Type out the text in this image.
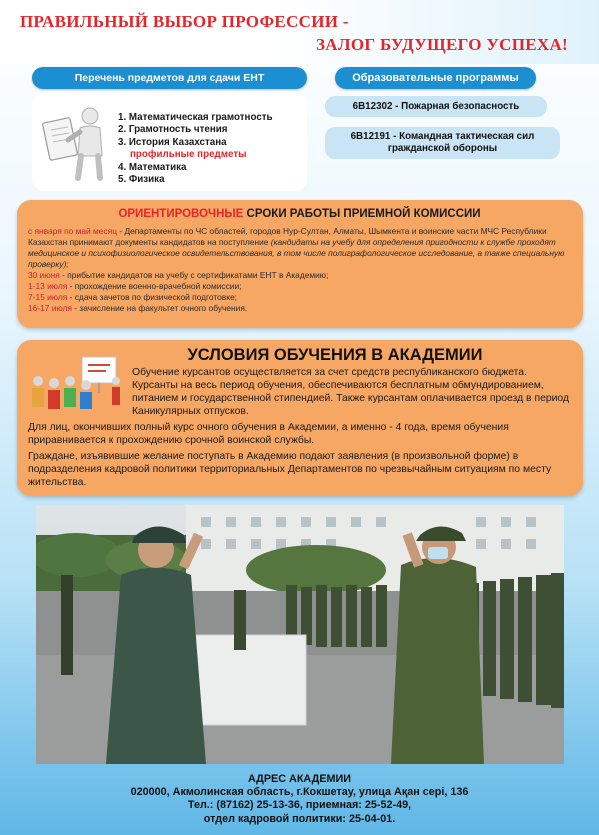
ПРАВИЛЬНЫЙ ВЫБОР ПРОФЕССИИ -
ЗАЛОГ БУДУЩЕГО УСПЕХА!
Перечень предметов для сдачи ЕНТ
1. Математическая грамотность
2. Грамотность чтения
3. История Казахстана
профильные предметы
4. Математика
5. Физика
Образовательные программы
6В12302 - Пожарная безопасность
6В12191 - Командная тактическая сил гражданской обороны
ОРИЕНТИРОВОЧНЫЕ СРОКИ РАБОТЫ ПРИЕМНОЙ КОМИССИИ
с января по май месяц - Департаменты по ЧС областей, городов Нур-Султан, Алматы, Шымкента и воинские части МЧС Республики Казахстан принимают документы кандидатов на поступление (кандидаты на учебу для определения пригодности к службе проходят медицинское и психофизиологическое освидетельствования, в том числе полиграфологическое исследование, а также специальную проверку);
30 июня - прибытие кандидатов на учебу с сертификатами ЕНТ в Академию;
1-13 июля - прохождение военно-врачебной комиссии;
7-15 июля - сдача зачетов по физической подготовке;
16-17 июля - зачисление на факультет очного обучения.
УСЛОВИЯ ОБУЧЕНИЯ В АКАДЕМИИ
Обучение курсантов осуществляется за счет средств республиканского бюджета. Курсанты на весь период обучения, обеспечиваются бесплатным обмундированием, питанием и государственной стипендией. Также курсантам оплачивается проезд в период Каникулярных отпусков.
Для лиц, окончивших полный курс очного обучения в Академии, а именно - 4 года, время обучения приравнивается к прохождению срочной воинской службы.
Граждане, изъявившие желание поступать в Академию подают заявления (в произвольной форме) в подразделения кадровой политики территориальных Департаментов по чрезвычайным ситуациям по месту жительства.
АДРЕС АКАДЕМИИ
020000, Акмолинская область, г.Кокшетау, улица Ақан серi, 136
Тел.: (87162) 25-13-36, приемная: 25-52-49,
отдел кадровой политики: 25-04-01.
